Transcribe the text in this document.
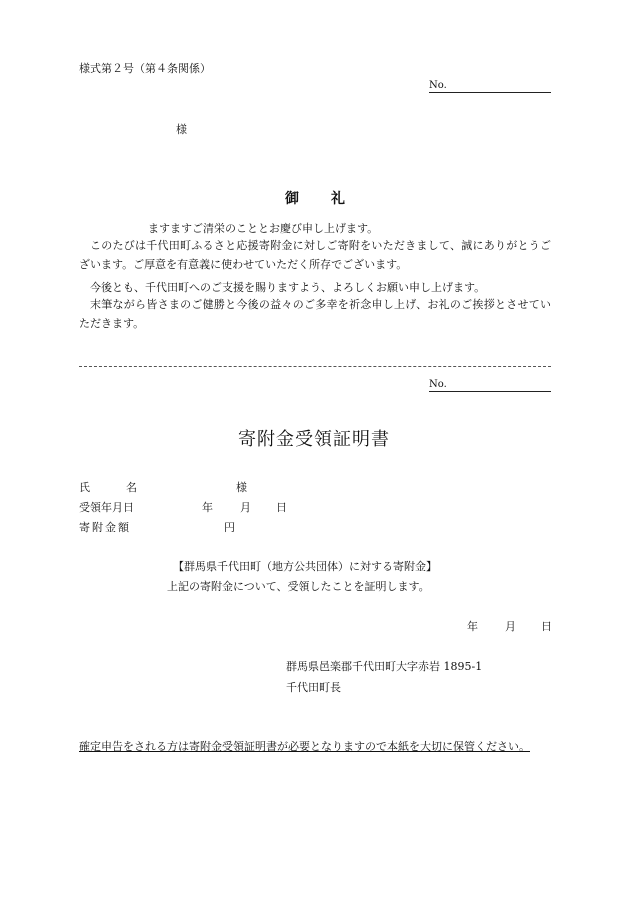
様式第２号（第４条関係）
No.
様
御 礼
ますますご清栄のこととお慶び申し上げます。
このたびは千代田町ふるさと応援寄附金に対しご寄附をいただきまして、誠にありがとうございます。ご厚意を有意義に使わせていただく所存でございます。
今後とも、千代田町へのご支援を賜りますよう、よろしくお願い申し上げます。
末筆ながら皆さまのご健勝と今後の益々のご多幸を祈念申し上げ、お礼のご挨拶とさせていただきます。
No.
寄附金受領証明書
氏	名	様
受領年月日	年 月 日
寄附金額	円
【群馬県千代田町（地方公共団体）に対する寄附金】
上記の寄附金について、受領したことを証明します。
年 月 日
群馬県邑楽郡千代田町大字赤岩 1895-1
千代田町長
確定申告をされる方は寄附金受領証明書が必要となりますので本紙を大切に保管ください。
